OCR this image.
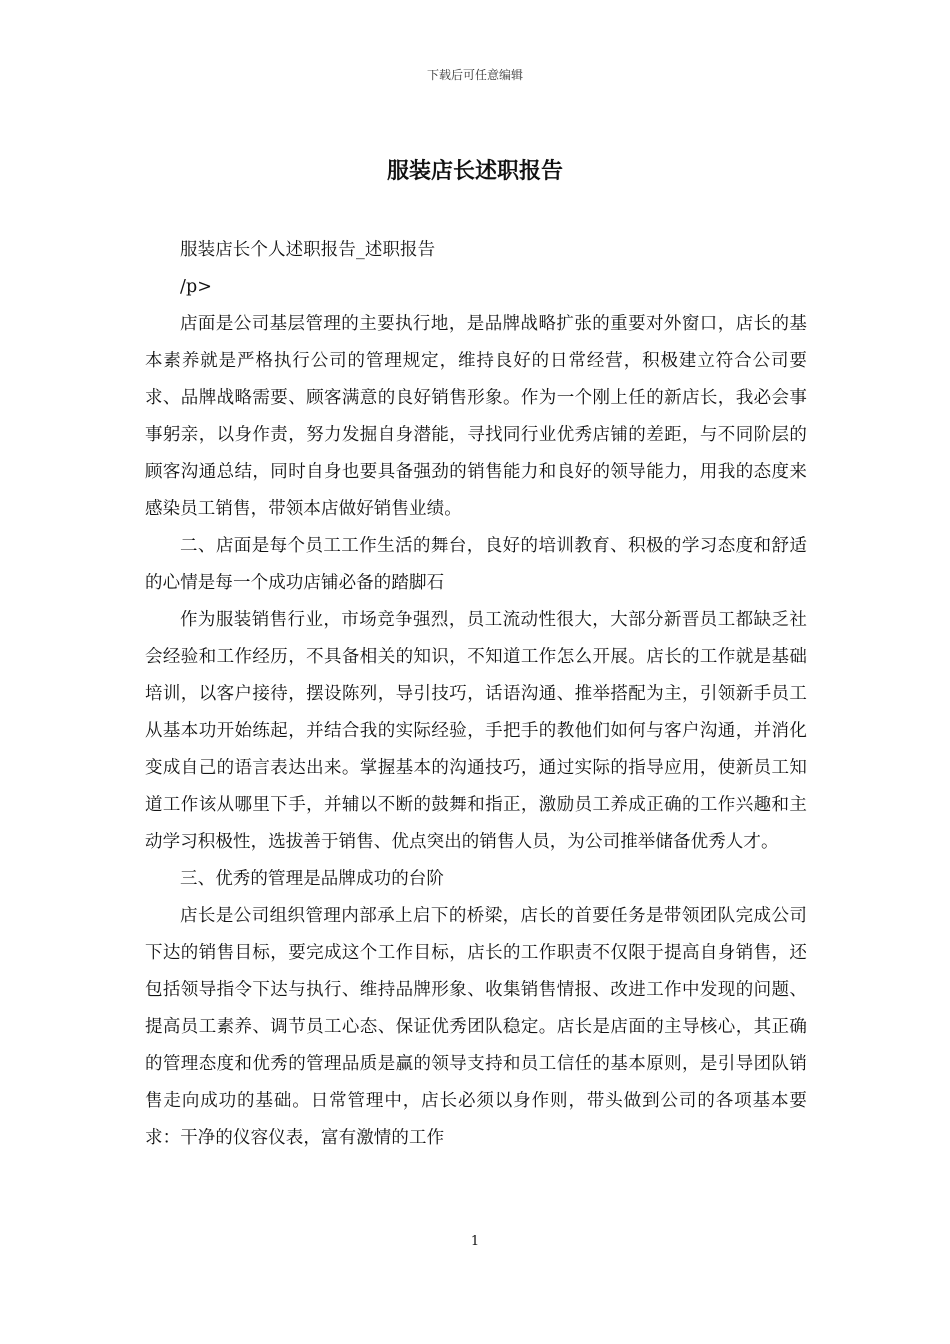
下载后可任意编辑
服装店长述职报告

服装店长个人述职报告_述职报告

/p>

店面是公司基层管理的主要执行地，是品牌战略扩张的重要对外窗口，店长的基本素养就是严格执行公司的管理规定，维持良好的日常经营，积极建立符合公司要求、品牌战略需要、顾客满意的良好销售形象。作为一个刚上任的新店长，我必会事事躬亲，以身作责，努力发掘自身潜能，寻找同行业优秀店铺的差距，与不同阶层的顾客沟通总结，同时自身也要具备强劲的销售能力和良好的领导能力，用我的态度来感染员工销售，带领本店做好销售业绩。

二、店面是每个员工工作生活的舞台，良好的培训教育、积极的学习态度和舒适的心情是每一个成功店铺必备的踏脚石

作为服装销售行业，市场竞争强烈，员工流动性很大，大部分新晋员工都缺乏社会经验和工作经历，不具备相关的知识，不知道工作怎么开展。店长的工作就是基础培训，以客户接待，摆设陈列，导引技巧，话语沟通、推举搭配为主，引领新手员工从基本功开始练起，并结合我的实际经验，手把手的教他们如何与客户沟通，并消化变成自己的语言表达出来。掌握基本的沟通技巧，通过实际的指导应用，使新员工知道工作该从哪里下手，并辅以不断的鼓舞和指正，激励员工养成正确的工作兴趣和主动学习积极性，选拔善于销售、优点突出的销售人员，为公司推举储备优秀人才。

三、优秀的管理是品牌成功的台阶

店长是公司组织管理内部承上启下的桥梁，店长的首要任务是带领团队完成公司下达的销售目标，要完成这个工作目标，店长的工作职责不仅限于提高自身销售，还包括领导指令下达与执行、维持品牌形象、收集销售情报、改进工作中发现的问题、提高员工素养、调节员工心态、保证优秀团队稳定。店长是店面的主导核心，其正确的管理态度和优秀的管理品质是赢的领导支持和员工信任的基本原则，是引导团队销售走向成功的基础。日常管理中，店长必须以身作则，带头做到公司的各项基本要求：干净的仪容仪表，富有激情的工作

1
